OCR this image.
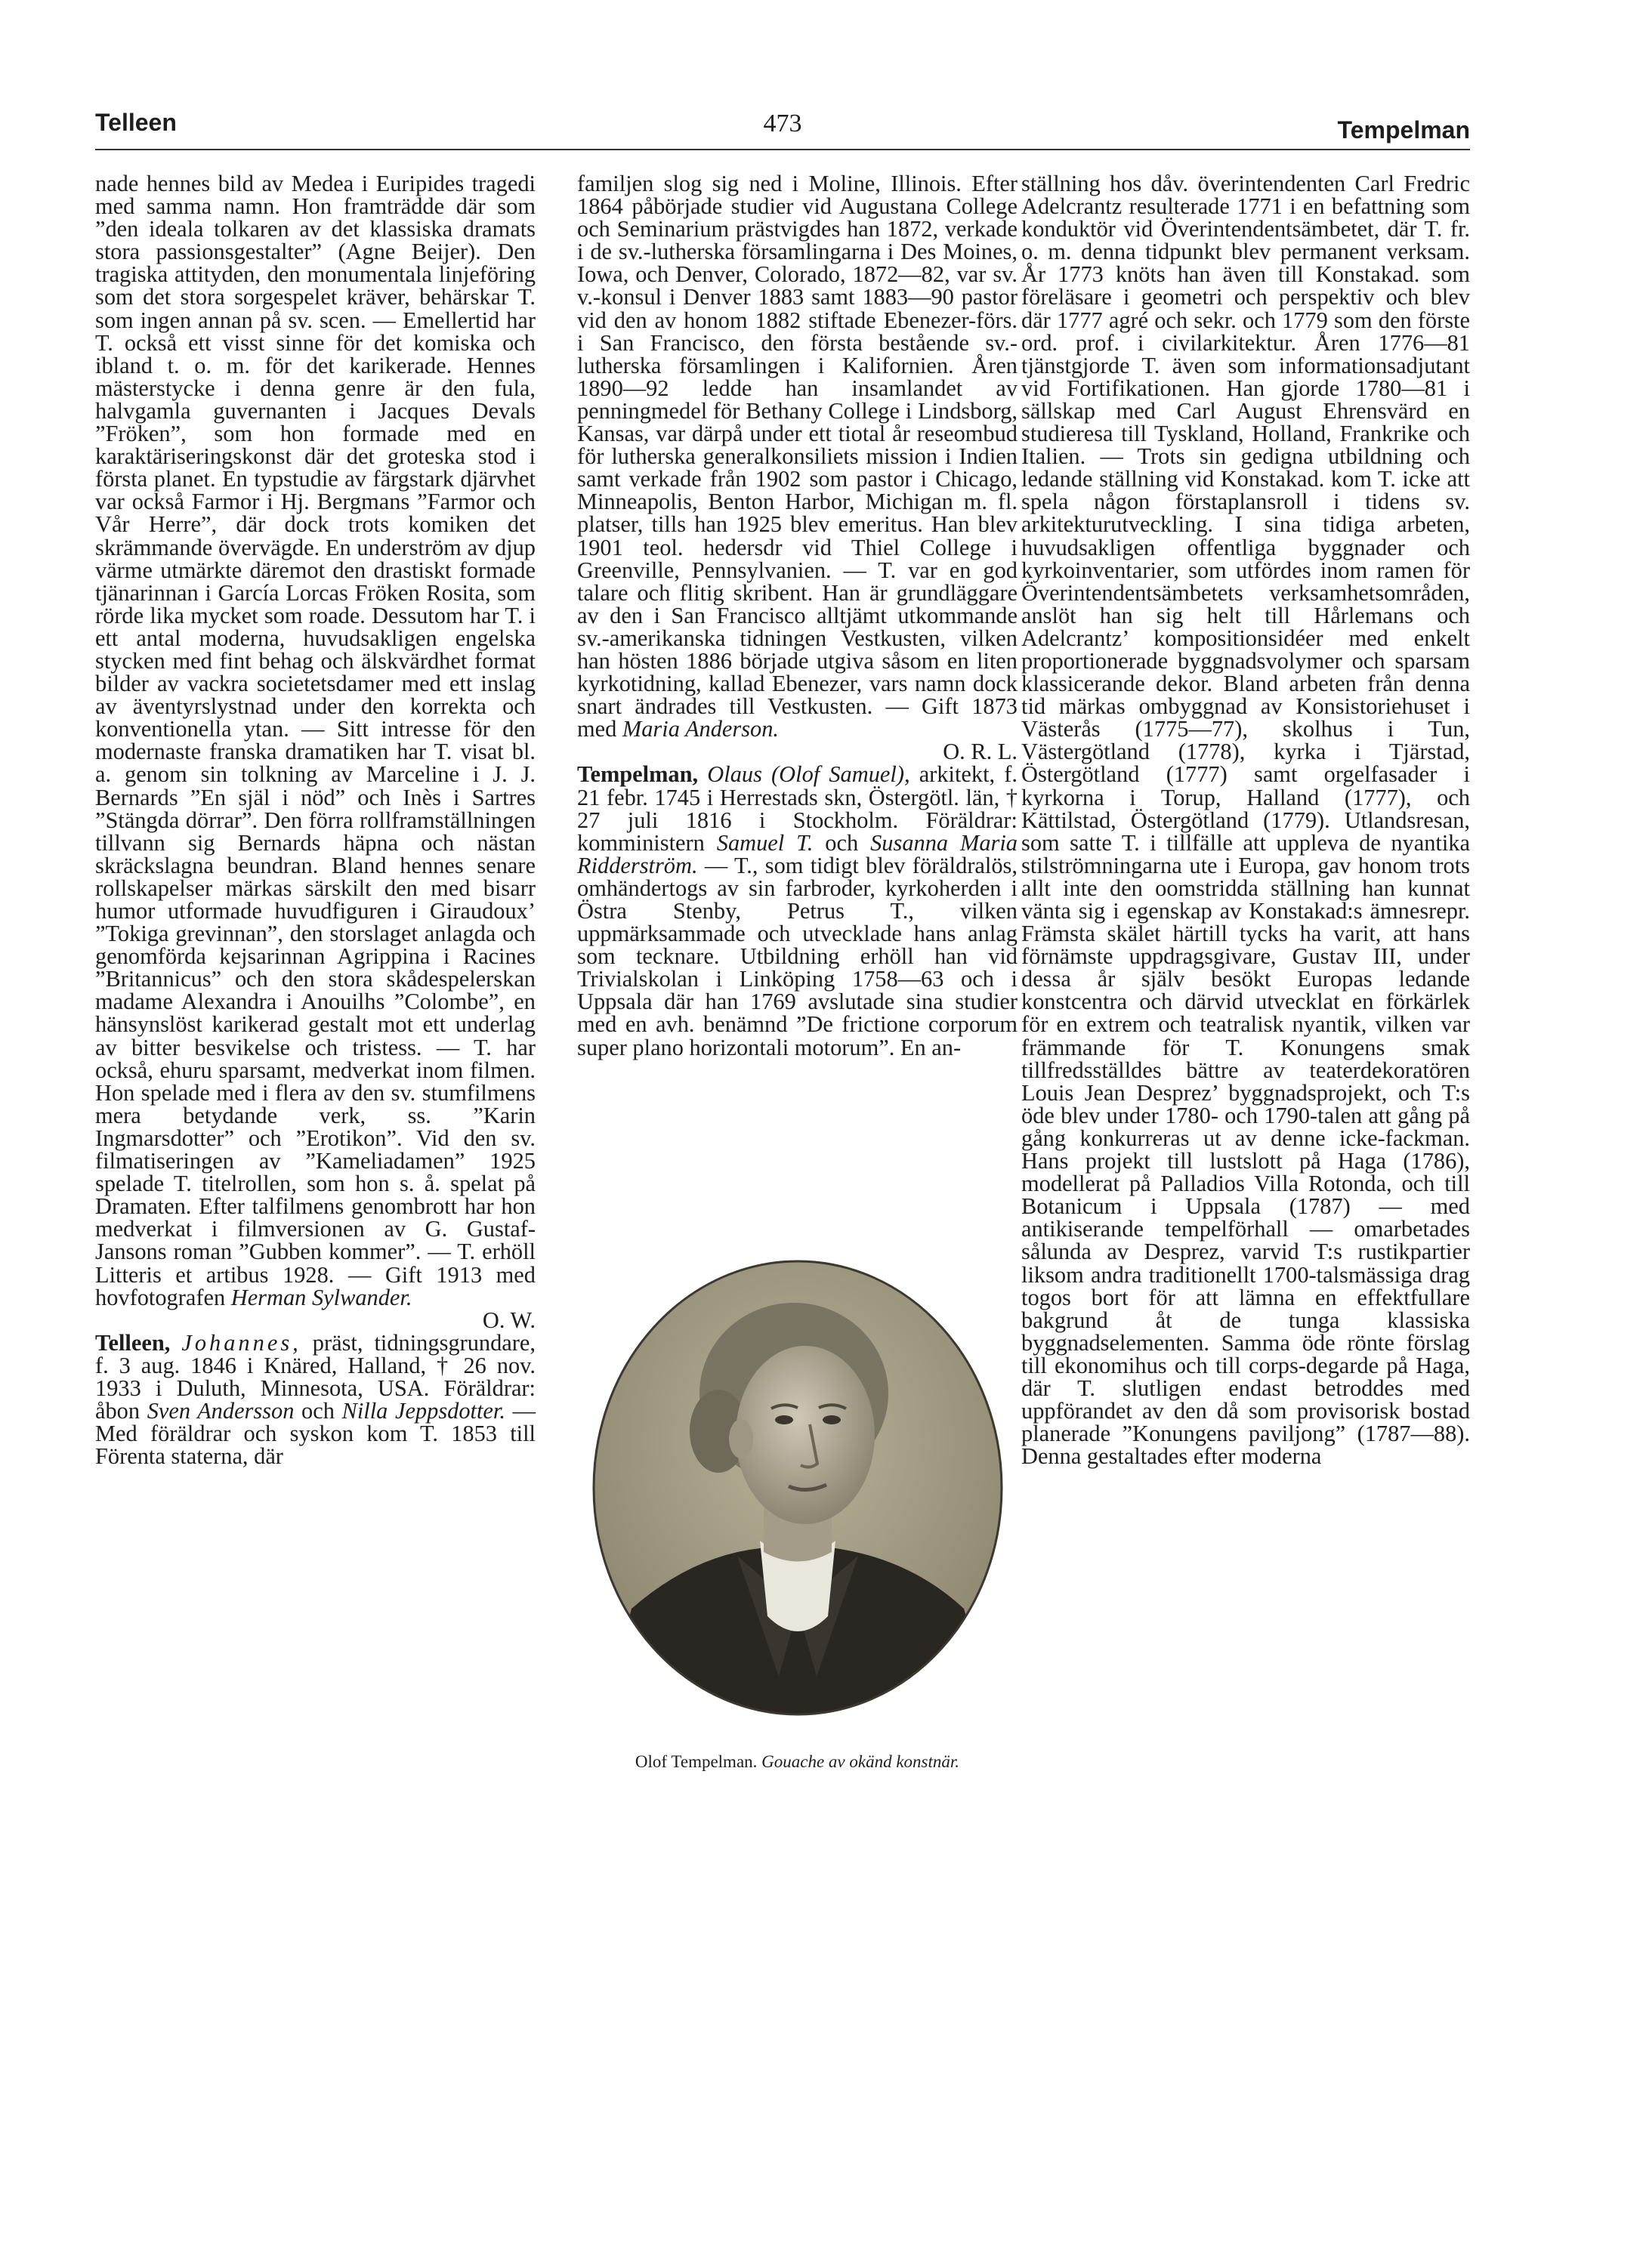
Telleen	473	Tempelman

nade hennes bild av Medea i Euripides tragedi med samma namn. Hon framträdde där som ”den ideala tolkaren av det klassiska dramats stora passionsgestalter” (Agne Beijer). Den tragiska attityden, den monumentala linjeföring som det stora sorgespelet kräver, behärskar T. som ingen annan på sv. scen. — Emellertid har T. också ett visst sinne för det komiska och ibland t. o. m. för det karikerade. Hennes mästerstycke i denna genre är den fula, halvgamla guvernanten i Jacques Devals ”Fröken”, som hon formade med en karaktäriseringskonst där det groteska stod i första planet. En typstudie av färgstark djärvhet var också Farmor i Hj. Bergmans ”Farmor och Vår Herre”, där dock trots komiken det skrämmande övervägde. En underström av djup värme utmärkte däremot den drastiskt formade tjänarinnan i García Lorcas Fröken Rosita, som rörde lika mycket som roade. Dessutom har T. i ett antal moderna, huvudsakligen engelska stycken med fint behag och älskvärdhet format bilder av vackra societetsdamer med ett inslag av äventyrslystnad under den korrekta och konventionella ytan. — Sitt intresse för den modernaste franska dramatiken har T. visat bl. a. genom sin tolkning av Marceline i J. J. Bernards ”En själ i nöd” och Inès i Sartres ”Stängda dörrar”. Den förra rollframställningen tillvann sig Bernards häpna och nästan skräckslagna beundran. Bland hennes senare rollskapelser märkas särskilt den med bisarr humor utformade huvudfiguren i Giraudoux’ ”Tokiga grevinnan”, den storslaget anlagda och genomförda kejsarinnan Agrippina i Racines ”Britannicus” och den stora skådespelerskan madame Alexandra i Anouilhs ”Colombe”, en hänsynslöst karikerad gestalt mot ett underlag av bitter besvikelse och tristess. — T. har också, ehuru sparsamt, medverkat inom filmen. Hon spelade med i flera av den sv. stumfilmens mera betydande verk, ss. ”Karin Ingmarsdotter” och ”Erotikon”. Vid den sv. filmatiseringen av ”Kameliadamen” 1925 spelade T. titelrollen, som hon s. å. spelat på Dramaten. Efter talfilmens genombrott har hon medverkat i filmversionen av G. Gustaf-Jansons roman ”Gubben kommer”. — T. erhöll Litteris et artibus 1928. — Gift 1913 med hovfotografen Herman Sylwander.
O. W.

Telleen, Johannes, präst, tidningsgrundare, f. 3 aug. 1846 i Knäred, Halland, † 26 nov. 1933 i Duluth, Minnesota, USA. Föräldrar: åbon Sven Andersson och Nilla Jeppsdotter. — Med föräldrar och syskon kom T. 1853 till Förenta staterna, där

familjen slog sig ned i Moline, Illinois. Efter 1864 påbörjade studier vid Augustana College och Seminarium prästvigdes han 1872, verkade i de sv.-lutherska församlingarna i Des Moines, Iowa, och Denver, Colorado, 1872—82, var sv. v.-konsul i Denver 1883 samt 1883—90 pastor vid den av honom 1882 stiftade Ebenezer-förs. i San Francisco, den första bestående sv.-lutherska församlingen i Kalifornien. Åren 1890—92 ledde han insamlandet av penningmedel för Bethany College i Lindsborg, Kansas, var därpå under ett tiotal år reseombud för lutherska generalkonsiliets mission i Indien samt verkade från 1902 som pastor i Chicago, Minneapolis, Benton Harbor, Michigan m. fl. platser, tills han 1925 blev emeritus. Han blev 1901 teol. hedersdr vid Thiel College i Greenville, Pennsylvanien. — T. var en god talare och flitig skribent. Han är grundläggare av den i San Francisco alltjämt utkommande sv.-amerikanska tidningen Vestkusten, vilken han hösten 1886 började utgiva såsom en liten kyrkotidning, kallad Ebenezer, vars namn dock snart ändrades till Vestkusten. — Gift 1873 med Maria Anderson.
O. R. L.

Tempelman, Olaus (Olof Samuel), arkitekt, f. 21 febr. 1745 i Herrestads skn, Östergötl. län, † 27 juli 1816 i Stockholm. Föräldrar: komministern Samuel T. och Susanna Maria Ridderström. — T., som tidigt blev föräldralös, omhändertogs av sin farbroder, kyrkoherden i Östra Stenby, Petrus T., vilken uppmärksammade och utvecklade hans anlag som tecknare. Utbildning erhöll han vid Trivialskolan i Linköping 1758—63 och i Uppsala där han 1769 avslutade sina studier med en avh. benämnd ”De frictione corporum super plano horizontali motorum”. En an-

Olof Tempelman. Gouache av okänd konstnär.

ställning hos dåv. överintendenten Carl Fredric Adelcrantz resulterade 1771 i en befattning som konduktör vid Överintendentsämbetet, där T. fr. o. m. denna tidpunkt blev permanent verksam. År 1773 knöts han även till Konstakad. som föreläsare i geometri och perspektiv och blev där 1777 agré och sekr. och 1779 som den förste ord. prof. i civilarkitektur. Åren 1776—81 tjänstgjorde T. även som informationsadjutant vid Fortifikationen. Han gjorde 1780—81 i sällskap med Carl August Ehrensvärd en studieresa till Tyskland, Holland, Frankrike och Italien. — Trots sin gedigna utbildning och ledande ställning vid Konstakad. kom T. icke att spela någon förstaplansroll i tidens sv. arkitekturutveckling. I sina tidiga arbeten, huvudsakligen offentliga byggnader och kyrkoinventarier, som utfördes inom ramen för Överintendentsämbetets verksamhetsområden, anslöt han sig helt till Hårlemans och Adelcrantz’ kompositionsidéer med enkelt proportionerade byggnadsvolymer och sparsam klassicerande dekor. Bland arbeten från denna tid märkas ombyggnad av Konsistoriehuset i Västerås (1775—77), skolhus i Tun, Västergötland (1778), kyrka i Tjärstad, Östergötland (1777) samt orgelfasader i kyrkorna i Torup, Halland (1777), och Kättilstad, Östergötland (1779). Utlandsresan, som satte T. i tillfälle att uppleva de nyantika stilströmningarna ute i Europa, gav honom trots allt inte den oomstridda ställning han kunnat vänta sig i egenskap av Konstakad:s ämnesrepr. Främsta skälet härtill tycks ha varit, att hans förnämste uppdragsgivare, Gustav III, under dessa år själv besökt Europas ledande konstcentra och därvid utvecklat en förkärlek för en extrem och teatralisk nyantik, vilken var främmande för T. Konungens smak tillfredsställdes bättre av teaterdekoratören Louis Jean Desprez’ byggnadsprojekt, och T:s öde blev under 1780- och 1790-talen att gång på gång konkurreras ut av denne icke-fackman. Hans projekt till lustslott på Haga (1786), modellerat på Palladios Villa Rotonda, och till Botanicum i Uppsala (1787) — med antikiserande tempelförhall — omarbetades sålunda av Desprez, varvid T:s rustikpartier liksom andra traditionellt 1700-talsmässiga drag togos bort för att lämna en effektfullare bakgrund åt de tunga klassiska byggnadselementen. Samma öde rönte förslag till ekonomihus och till corps-degarde på Haga, där T. slutligen endast betroddes med uppförandet av den då som provisorisk bostad planerade ”Konungens paviljong” (1787—88). Denna gestaltades efter moderna
